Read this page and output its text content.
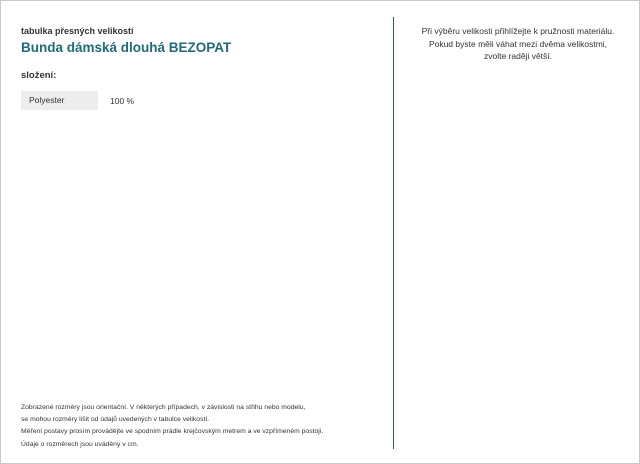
tabulka přesných velikostí

Bunda dámská dlouhá BEZOPAT

složení:

Polyester	100 %

Při výběru velikosti přihlížejte k pružnosti materiálu.

Pokud byste měli váhat mezi dvěma velikostmi,

zvolte raději větší.

Zobrazené rozměry jsou orientační. V některých případech, v závislosti na střihu nebo modelu,

se mohou rozměry lišit od údajů uvedených v tabulce velikostí.

Měření postavy prosím provádějte ve spodním prádle krejčovským metrem a ve vzpřímeném postoji.

Údaje o rozměrech jsou uváděny v cm.
